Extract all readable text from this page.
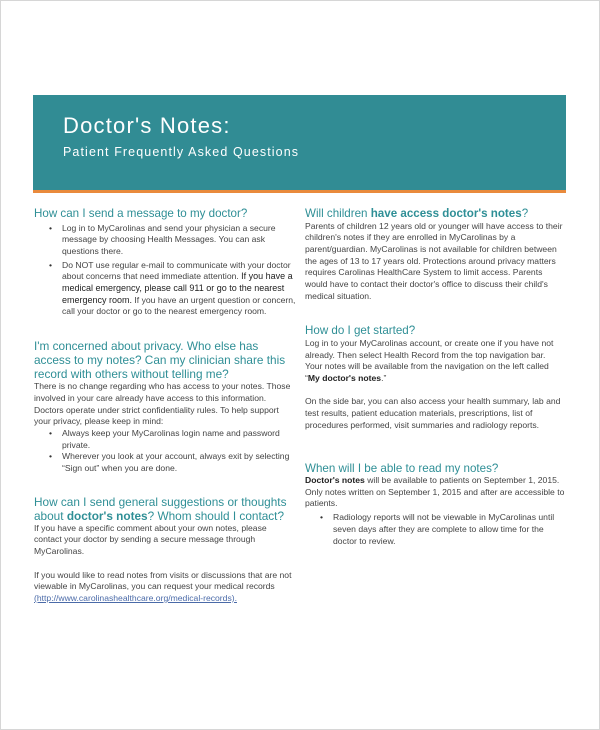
Doctor's Notes:
Patient Frequently Asked Questions
How can I send a message to my doctor?
• Log in to MyCarolinas and send your physician a secure message by choosing Health Messages. You can ask questions there.
• Do NOT use regular e-mail to communicate with your doctor about concerns that need immediate attention. If you have a medical emergency, please call 911 or go to the nearest emergency room. If you have an urgent question or concern, call your doctor or go to the nearest emergency room.
I'm concerned about privacy. Who else has access to my notes? Can my clinician share this record with others without telling me?

There is no change regarding who has access to your notes. Those involved in your care already have access to this information. Doctors operate under strict confidentiality rules. To help support your privacy, please keep in mind:

• Always keep your MyCarolinas login name and password private.
• Wherever you look at your account, always exit by selecting “Sign out” when you are done.
How can I send general suggestions or thoughts about doctor's notes? Whom should I contact?

If you have a specific comment about your own notes, please contact your doctor by sending a secure message through MyCarolinas.

If you would like to read notes from visits or discussions that are not viewable in MyCarolinas, you can request your medical records (http://www.carolinashealthcare.org/medical-records).

Will children have access doctor's notes?

Parents of children 12 years old or younger will have access to their children's notes if they are enrolled in MyCarolinas by a parent/guardian. MyCarolinas is not available for children between the ages of 13 to 17 years old. Protections around privacy matters requires Carolinas HealthCare System to limit access. Parents would have to contact their doctor's office to discuss their child's medical situation.

How do I get started?

Log in to your MyCarolinas account, or create one if you have not already. Then select Health Record from the top navigation bar. Your notes will be available from the navigation on the left called “My doctor's notes.”

On the side bar, you can also access your health summary, lab and test results, patient education materials, prescriptions, list of procedures performed, visit summaries and radiology reports.

When will I be able to read my notes?

Doctor's notes will be available to patients on September 1, 2015. Only notes written on September 1, 2015 and after are accessible to patients.

• Radiology reports will not be viewable in MyCarolinas until seven days after they are complete to allow time for the doctor to review.
